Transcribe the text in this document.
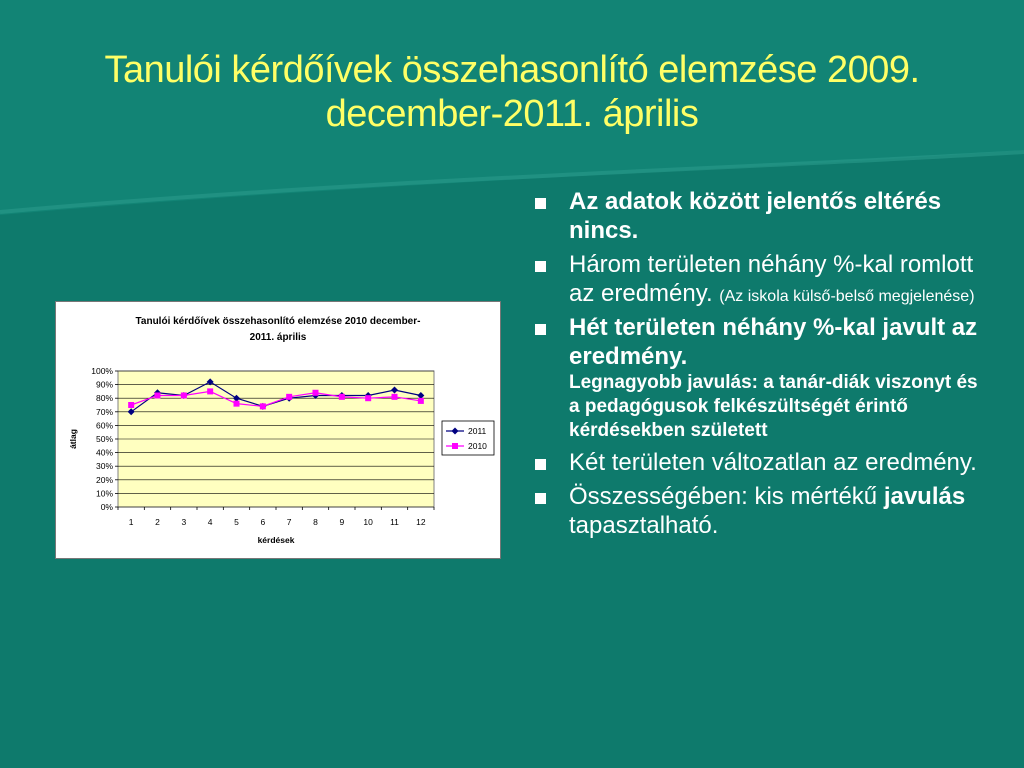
Tanulói kérdőívek összehasonlító elemzése 2009.
december-2011. április
Tanulói kérdőívek összehasonlító elemzése 2010 december-
2011. április
0%
10%
20%
30%
40%
50%
60%
70%
80%
90%
100%
1	2	3	4	5	6	7	8	9 10 11 12
kérdések
átlag	2011
2010
Az adatok között jelentős eltérés nincs.
Három területen néhány %-kal romlott az eredmény. (Az iskola külső-belső megjelenése)
Hét területen néhány %-kal javult az eredmény.
Legnagyobb javulás: a tanár-diák viszonyt és a pedagógusok felkészültségét érintő kérdésekben született
Két területen változatlan az eredmény.
Összességében: kis mértékű javulás tapasztalható.
